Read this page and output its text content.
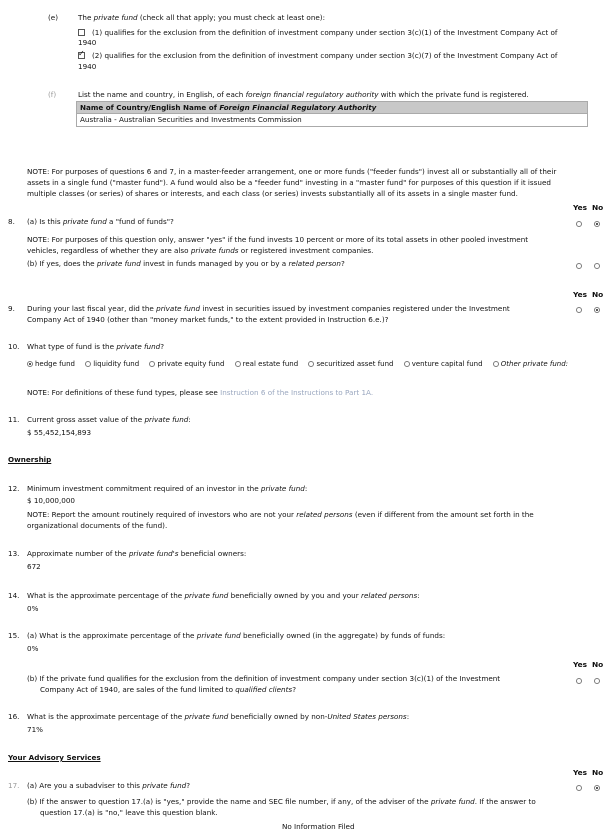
(e)	The private fund (check all that apply; you must check at least one):
(1) qualifies for the exclusion from the definition of investment company under section 3(c)(1) of the Investment Company Act of
1940
✓
(2) qualifies for the exclusion from the definition of investment company under section 3(c)(7) of the Investment Company Act of
1940
(f)	List the name and country, in English, of each foreign financial regulatory authority with which the private fund is registered.
Name of Country/English Name of Foreign Financial Regulatory Authority
Australia - Australian Securities and Investments Commission
NOTE: For purposes of questions 6 and 7, in a master-feeder arrangement, one or more funds ("feeder funds") invest all or substantially all of their
assets in a single fund ("master fund"). A fund would also be a "feeder fund" investing in a "master fund" for purposes of this question if it issued
multiple classes (or series) of shares or interests, and each class (or series) invests substantially all of its assets in a single master fund.
Yes No
8. (a) Is this private fund a "fund of funds"?
NOTE: For purposes of this question only, answer "yes" if the fund invests 10 percent or more of its total assets in other pooled investment
vehicles, regardless of whether they are also private funds or registered investment companies.
(b) If yes, does the private fund invest in funds managed by you or by a related person?
Yes No
9. During your last fiscal year, did the private fund invest in securities issued by investment companies registered under the Investment
Company Act of 1940 (other than "money market funds," to the extent provided in Instruction 6.e.)?
10. What type of fund is the private fund?
hedge fund	liquidity fund	private equity fund	real estate fund	securitized asset fund	venture capital fund	Other private fund:
NOTE: For definitions of these fund types, please see Instruction 6 of the Instructions to Part 1A.
11. Current gross asset value of the private fund:
$ 55,452,154,893
Ownership
12. Minimum investment commitment required of an investor in the private fund:
$ 10,000,000
NOTE: Report the amount routinely required of investors who are not your related persons (even if different from the amount set forth in the
organizational documents of the fund).
13. Approximate number of the private fund's beneficial owners:
672
14. What is the approximate percentage of the private fund beneficially owned by you and your related persons:
0%
15. (a) What is the approximate percentage of the private fund beneficially owned (in the aggregate) by funds of funds:
0%
Yes No
(b) If the private fund qualifies for the exclusion from the definition of investment company under section 3(c)(1) of the Investment
Company Act of 1940, are sales of the fund limited to qualified clients?
16. What is the approximate percentage of the private fund beneficially owned by non-United States persons:
71%
Your Advisory Services
Yes No
17. (a) Are you a subadviser to this private fund?
(b) If the answer to question 17.(a) is "yes," provide the name and SEC file number, if any, of the adviser of the private fund. If the answer to
question 17.(a) is "no," leave this question blank.
No Information Filed
